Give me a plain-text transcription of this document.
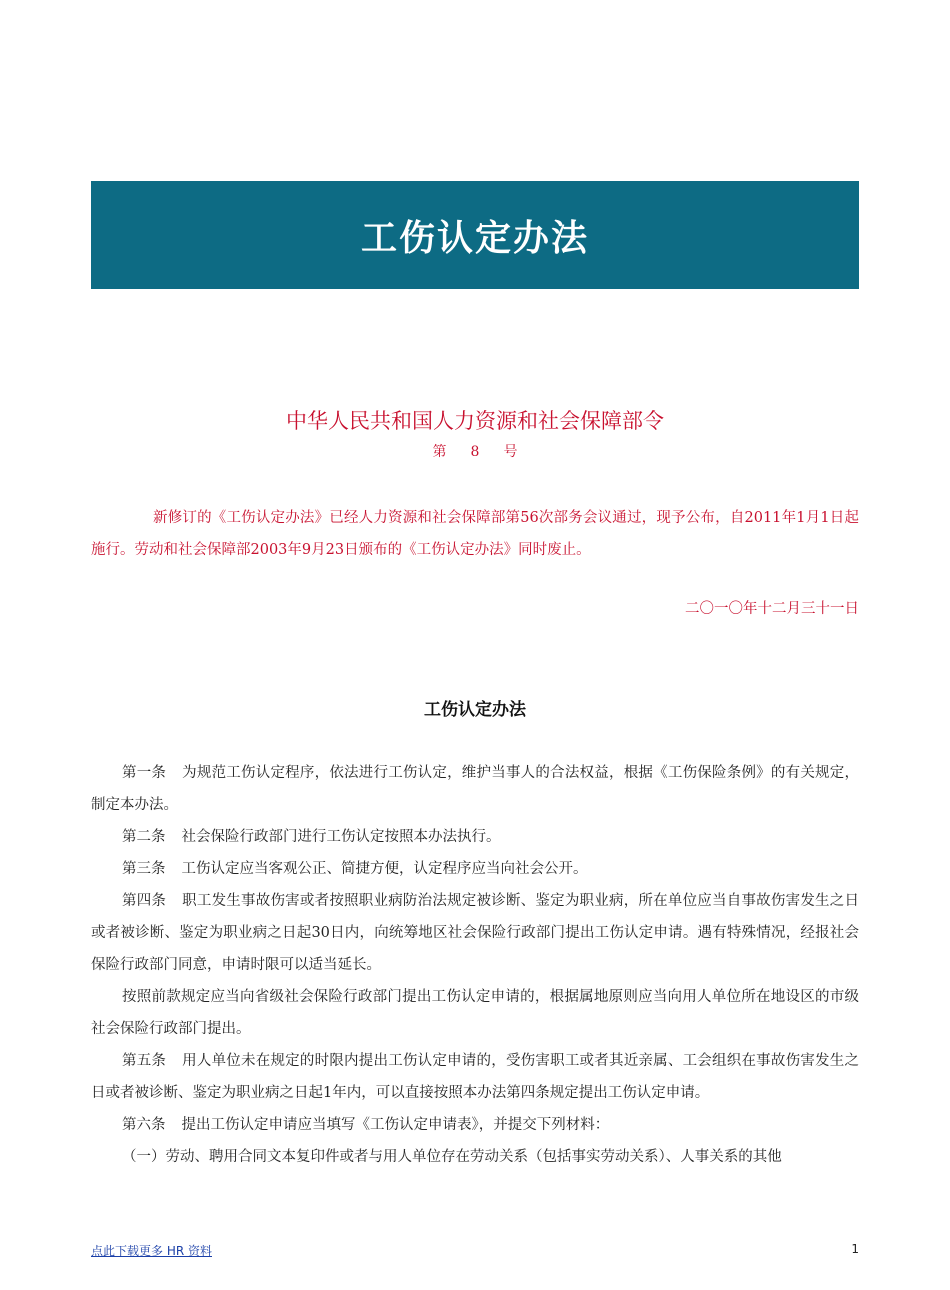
工伤认定办法
中华人民共和国人力资源和社会保障部令
第 8 号

新修订的《工伤认定办法》已经人力资源和社会保障部第56次部务会议通过，现予公布，自2011年1月1日起施行。劳动和社会保障部2003年9月23日颁布的《工伤认定办法》同时废止。

二〇一〇年十二月三十一日
工伤认定办法

第一条 为规范工伤认定程序，依法进行工伤认定，维护当事人的合法权益，根据《工伤保险条例》的有关规定，制定本办法。

第二条 社会保险行政部门进行工伤认定按照本办法执行。

第三条 工伤认定应当客观公正、简捷方便，认定程序应当向社会公开。

第四条 职工发生事故伤害或者按照职业病防治法规定被诊断、鉴定为职业病，所在单位应当自事故伤害发生之日或者被诊断、鉴定为职业病之日起30日内，向统筹地区社会保险行政部门提出工伤认定申请。遇有特殊情况，经报社会保险行政部门同意，申请时限可以适当延长。

按照前款规定应当向省级社会保险行政部门提出工伤认定申请的，根据属地原则应当向用人单位所在地设区的市级社会保险行政部门提出。

第五条 用人单位未在规定的时限内提出工伤认定申请的，受伤害职工或者其近亲属、工会组织在事故伤害发生之日或者被诊断、鉴定为职业病之日起1年内，可以直接按照本办法第四条规定提出工伤认定申请。

第六条 提出工伤认定申请应当填写《工伤认定申请表》，并提交下列材料：

（一）劳动、聘用合同文本复印件或者与用人单位存在劳动关系（包括事实劳动关系）、人事关系的其他

点此下载更多 HR 资料	1
